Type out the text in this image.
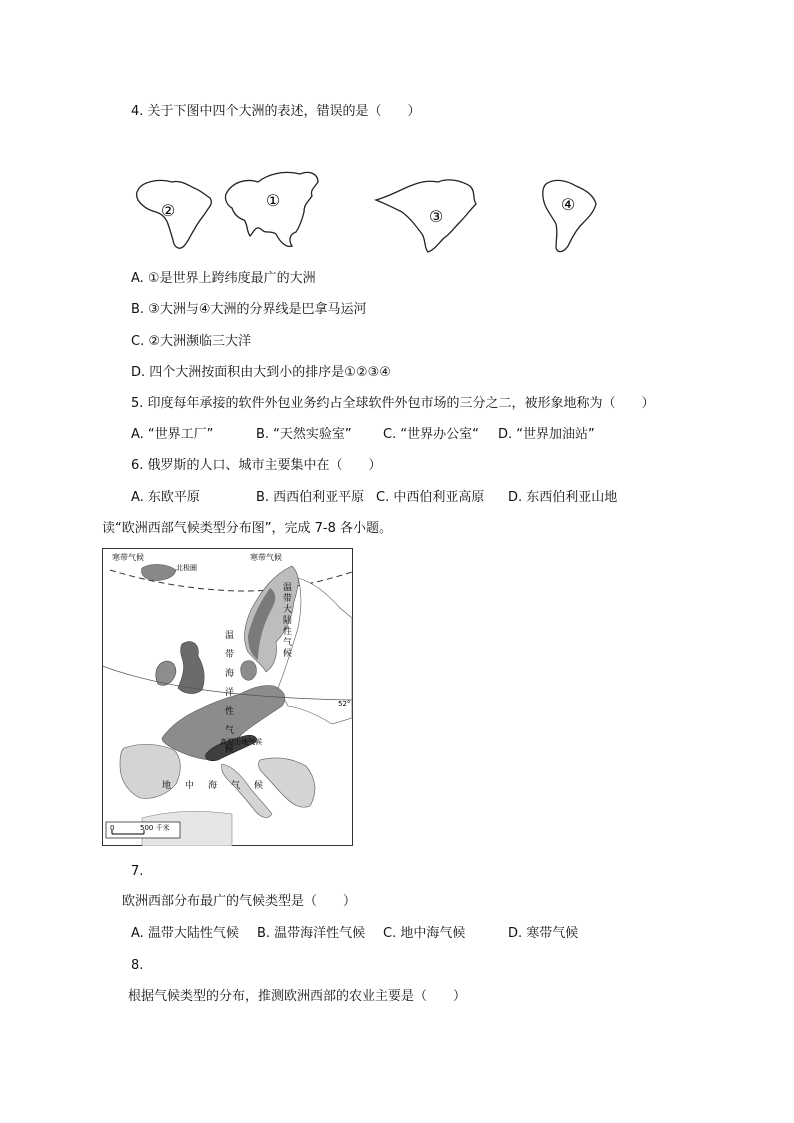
4. 关于下图中四个大洲的表述，错误的是（　　）
②
①
③
④
A. ①是世界上跨纬度最广的大洲
B. ③大洲与④大洲的分界线是巴拿马运河
C. ②大洲濒临三大洋
D. 四个大洲按面积由大到小的排序是①②③④
5. 印度每年承接的软件外包业务约占全球软件外包市场的三分之二，被形象地称为（　　）
A. “世界工厂”	B. “天然实验室” C. “世界办公室“ D. “世界加油站”
6. 俄罗斯的人口、城市主要集中在（　　）
A. 东欧平原	B. 西西伯利亚平原 C. 中西伯利亚高原 D. 东西伯利亚山地
读“欧洲西部气候类型分布图”，完成 7-8 各小题。
52°
寒带气候
北极圈
寒带气候
温带大陆性气候
温带海洋性气候
高原山地气候
地中海气候
0	500 千米
7.
欧洲西部分布最广的气候类型是（　　）
A. 温带大陆性气候 B. 温带海洋性气候 C. 地中海气候	D. 寒带气候
8.
根据气候类型的分布，推测欧洲西部的农业主要是（　　）
